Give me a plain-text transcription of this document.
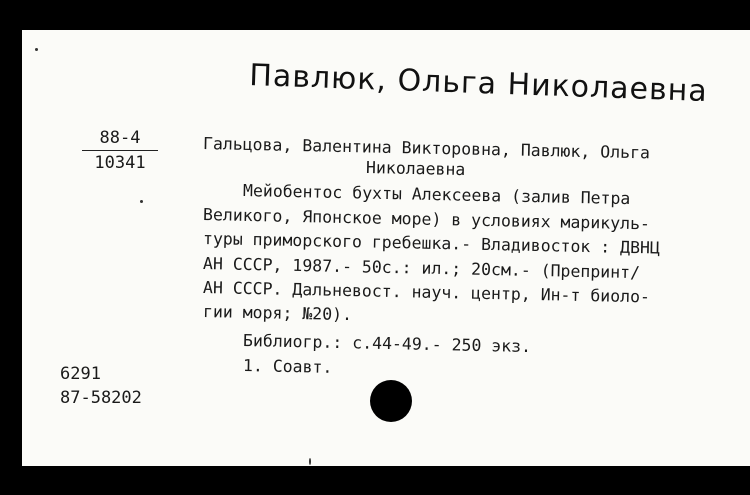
Павлюк, Ольга Николаевна
88-4
10341
Гальцова, Валентина Викторовна, Павлюк, Ольга
Николаевна
Мейобентос бухты Алексеева (залив Петра
Великого, Японское море) в условиях марикуль-
туры приморского гребешка.- Владивосток : ДВНЦ
АН СССР, 1987.- 50с.: ил.; 20см.- (Препринт/
АН СССР. Дальневост. науч. центр, Ин-т биоло-
гии моря; №20).
Библиогр.: с.44-49.- 250 экз.
1. Соавт.
6291
87-58202
